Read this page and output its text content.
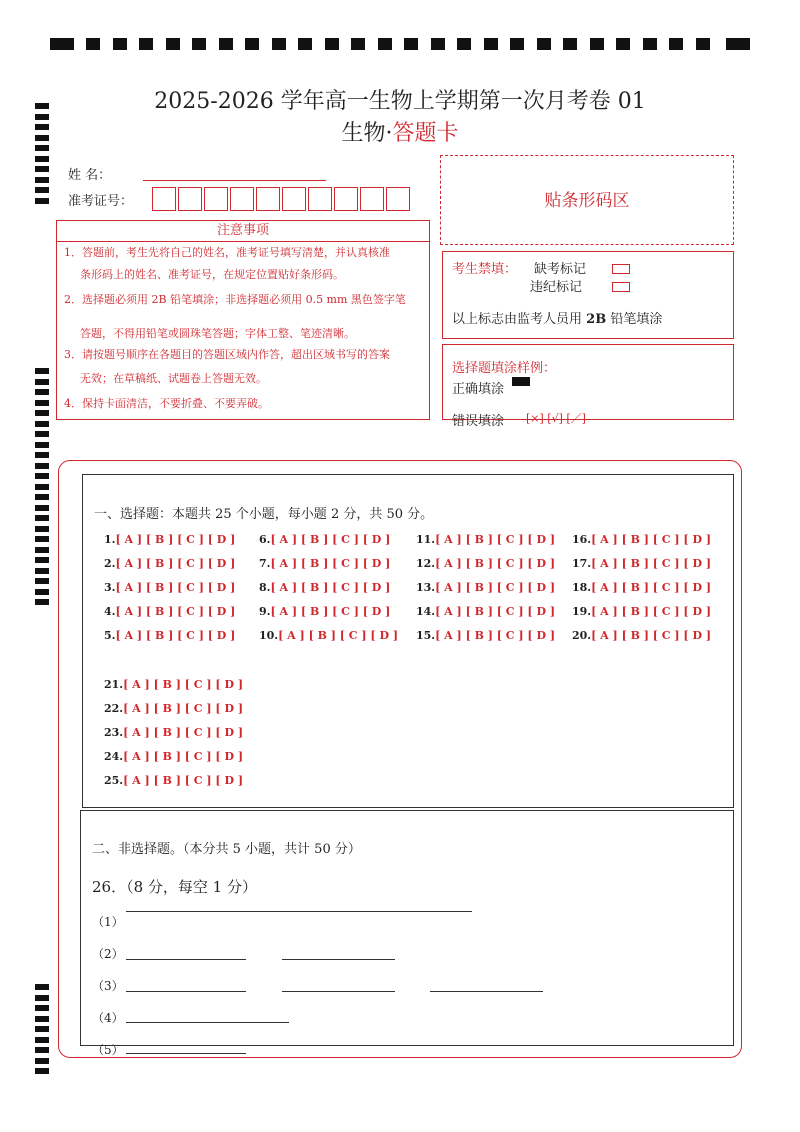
2025-2026 学年高一生物上学期第一次月考卷 01
生物·答题卡
姓 名：
准考证号：
注意事项
1．答题前，考生先将自己的姓名，准考证号填写清楚，并认真核准
条形码上的姓名、准考证号，在规定位置贴好条形码。
2．选择题必须用 2B 铅笔填涂；非选择题必须用 0.5 mm 黑色签字笔
答题，不得用铅笔或圆珠笔答题；字体工整、笔迹清晰。
3．请按题号顺序在各题目的答题区域内作答，超出区域书写的答案
无效；在草稿纸、试题卷上答题无效。
4．保持卡面清洁，不要折叠、不要弄破。
贴条形码区
考生禁填： 缺考标记
违纪标记
以上标志由监考人员用 2B 铅笔填涂
选择题填涂样例：
正确填涂
错误填涂 [×] [√] [／]
一、选择题：本题共 25 个小题，每小题 2 分，共 50 分。
1.[ A ] [ B ] [ C ] [ D ]
2.[ A ] [ B ] [ C ] [ D ]
3.[ A ] [ B ] [ C ] [ D ]
4.[ A ] [ B ] [ C ] [ D ]
5.[ A ] [ B ] [ C ] [ D ]
6.[ A ] [ B ] [ C ] [ D ]
7.[ A ] [ B ] [ C ] [ D ]
8.[ A ] [ B ] [ C ] [ D ]
9.[ A ] [ B ] [ C ] [ D ]
10.[ A ] [ B ] [ C ] [ D ]
11.[ A ] [ B ] [ C ] [ D ]
12.[ A ] [ B ] [ C ] [ D ]
13.[ A ] [ B ] [ C ] [ D ]
14.[ A ] [ B ] [ C ] [ D ]
15.[ A ] [ B ] [ C ] [ D ]
16.[ A ] [ B ] [ C ] [ D ]
17.[ A ] [ B ] [ C ] [ D ]
18.[ A ] [ B ] [ C ] [ D ]
19.[ A ] [ B ] [ C ] [ D ]
20.[ A ] [ B ] [ C ] [ D ]
21.[ A ] [ B ] [ C ] [ D ]
22.[ A ] [ B ] [ C ] [ D ]
23.[ A ] [ B ] [ C ] [ D ]
24.[ A ] [ B ] [ C ] [ D ]
25.[ A ] [ B ] [ C ] [ D ]
二、非选择题。（本分共 5 小题，共计 50 分）
26．（8 分，每空 1 分）
（1）
（2）
（3）
（4）
（5）
